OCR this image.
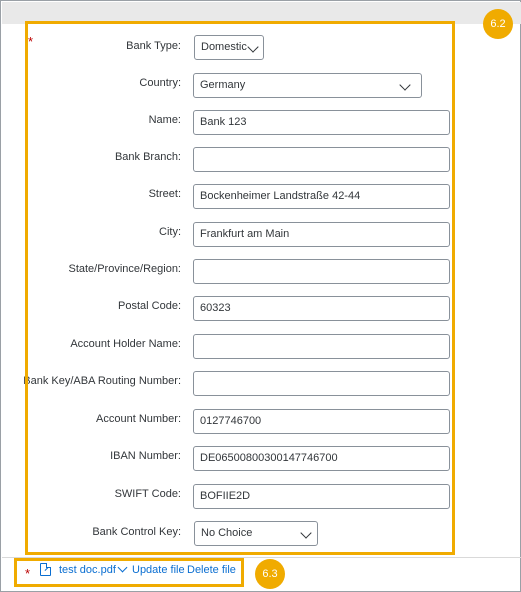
*	Bank Type:	Domestic
Country:	Germany
Name:	Bank 123
Bank Branch:
Street:	Bockenheimer Landstraße 42-44
City:	Frankfurt am Main
State/Province/Region:
Postal Code:	60323
Account Holder Name:
Bank Key/ABA Routing Number:
Account Number:	0127746700
IBAN Number:	DE06500800300147746700
SWIFT Code:	BOFIIE2D
Bank Control Key:	No Choice
6.2
*	test doc.pdf Update file Delete file	6.3
